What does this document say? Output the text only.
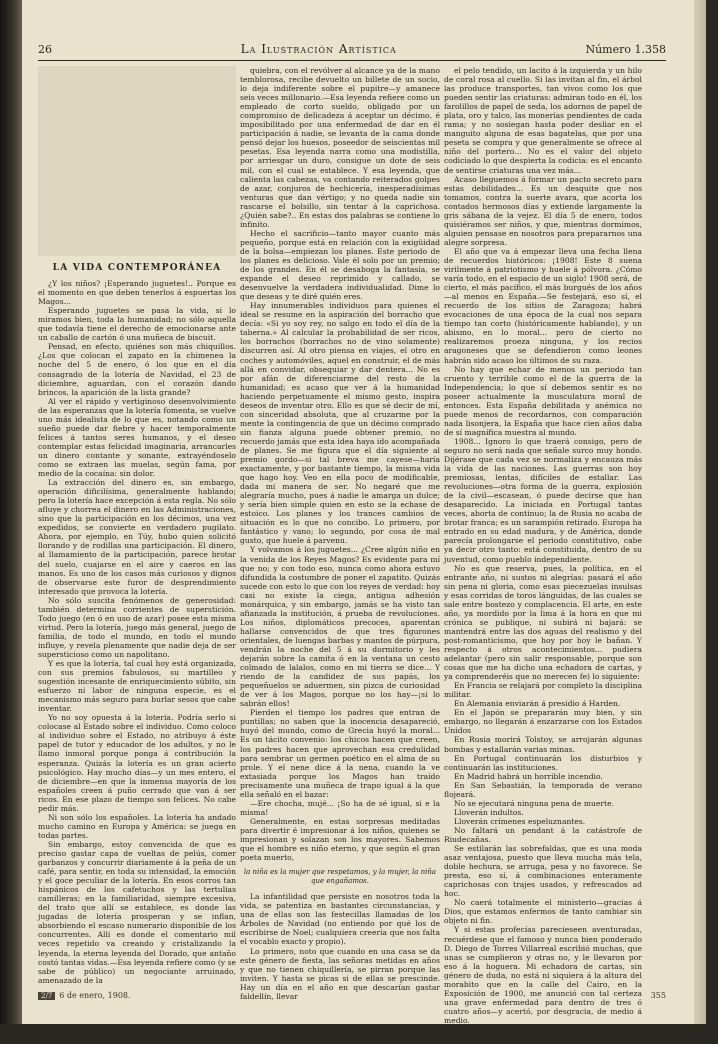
26	La Ilustración Artística	Número 1.358
LA VIDA CONTEMPORÁNEA

¿Y los niños? ¡Esperando juguetes!.. Porque es el momento en que deben tenerlos á espuertas los Magos...

Esperando juguetes se pasa la vida, si lo miramos bien, toda la humanidad; no sólo aquella que todavía tiene el derecho de emocionarse ante un caballo de cartón ó una muñeca de biscuit.

Pensad, en efecto, quiénes son más chiquillos. ¿Los que colocan el zapato en la chimenea la noche del 5 de enero, ó los que en el día consagrado de la lotería de Navidad, el 23 de diciembre, aguardan, con el corazón dando brincos, la aparición de la lista grande?

Al ver el rápido y vertiginoso desenvolvimiento de las esperanzas que la lotería fomenta, se vuelve uno más idealista de lo que es, notando como un sueño puede dar fiebre y hacer temporalmente felices á tantos seres humanos, y el deseo contemplar estas felicidad imaginaria, arrancarles un dinero contante y sonante, extrayéndoselo como se extraen las muelas, según fama, por medio de la cocaína: sin dolor.

La extracción del dinero es, sin embargo, operación dificilísima, generalmente hablando; pero la lotería hace excepción á esta regla. No sólo afluye y chorrea el dinero en las Administraciones, sino que la participación en los décimos, una vez expedidos, se convierte en verdadero pugilato. Ahora, por ejemplo, en Túy, hubo quien solicitó llorando y de rodillas una participación. El dinero, al llamamiento de la participación, parece brotar del suelo, cuajarse en el aire y caeros en las manos. Es uno de los casos más curiosos y dignos de observarse este furor de desprendimiento interesado que provoca la lotería.

No sólo suscita fenómenos de generosidad: también determina corrientes de superstición. Todo juego (en ó en uso de azar) posee esta misma virtud. Pero la lotería, juego más general, juego de familia, de todo el mundo, en todo el mundo influye, y revela plenamente que nadie deja de ser supersticioso como un napolitano.

Y es que la lotería, tal cual hoy está organizada, con sus premios fabulosos, su martilleo y sugestión incesante de enriquecimiento súbito, sin esfuerzo ni labor de ninguna especie, es el mecanismo más seguro para burlar sesos que cabe inventar.

Yo no soy opuesta á la lotería. Podría serlo si colocase al Estado sobre el individuo. Como coloco al individuo sobre el Estado, no atribuyo á éste papel de tutor y educador de los adultos, y no le llamo inmoral porque ponga á contribución la esperanza. Quizás la lotería es un gran acierto psicológico. Hay mucho días—y un mes entero, el de diciembre—en que la inmensa mayoría de los españoles creen á puño cerrado que van á ser ricos. En ese plazo de tiempo son felices. No cabe pedir más.

Ni son sólo los españoles. La lotería ha andado mucho camino en Europa y América: se juega en todas partes.

Sin embargo, estoy convencida de que es preciso gastar capa de vueltas de pelús, comer garbanzos y concurrir diariamente á la peña de un café, para sentir, en toda su intensidad, la emoción y el goce peculiar de la lotería. En esos corros tan hispánicos de los cafetuchos y las tertulias camilleras; en la familiaridad, siempre excesiva, del trato que allí se establece, es donde las jugadas de lotería prosperan y se inflan, absorbiendo el escaso numerario disponible de los concurrentes. Allí es donde el comentario mil veces repetido va creando y cristalizando la leyenda, la eterna leyenda del Dorado, que antaño costó tantas vidas.—Esa leyenda refiere como (y se sabe de público) un negociante arruinado, amenazado de la

quiebra, con el revólver al alcance ya de la mano temblorosa, recibe devuelto un billete de un socio, lo deja indiferente sobre el pupitre—y amanece seis veces millonario.—Esa leyenda refiere como un empleado de corto sueldo, obligado por un compromiso de delicadeza á aceptar un décimo, é imposibilitado por una enfermedad de dar en él participación á nadie, se levanta de la cama donde pensó dejar los huesos, poseedor de seiscientas mil pesetas. Esa leyenda narra como una modistilla, por arriesgar un duro, consigue un dote de seis mil, con el cual se establece. Y esa leyenda, que calienta las cabezas, va contando reiterados golpes de azar, conjuros de hechicería, inesperadísimas venturas que dan vértigo; y no queda nadie sin rascarse el bolsillo, sin tentar á la caprichosa. ¿Quién sabe?.. En estas dos palabras se contiene lo infinito.

Hecho el sacrificio—tanto mayor cuanto más pequeño, porque está en relación con la exigüidad de la bolsa—empiezan los planes. Este periodo de los planes es delicioso. Vale él solo por un premio; de los grandes. En él se desaboga la fantasía, se expande el deseo reprimido y callado, se desenvuelve la verdadera individualidad. Dime lo que deseas y te diré quién eres.

Hay innumerables individuos para quienes el ideal se resume en la aspiración del borracho que decía: «Si yo soy rey, no salgo en todo el día de la taberna.» Al calcular la probabilidad de ser ricos, los borrachos (borrachos no de vino solamente) discurren así. Al otro piensa en viajes, el otro en coches y automóviles, aquel en construir, el de más allá en convidar, obsequiar y dar dentera... No es por afán de diferenciarme del resto de la humanidad; es acaso que ver á la humanidad haciendo perpetuamente el mismo gesto, inspira deseos de inventar otro. Ello es que sé decir de mí, con sinceridad absoluta, que al cruzarme por la mente la contingencia de que un décimo comprado sin fianza alguna puede obtener premio, no recuerdo jamás que esta idea haya ido acompañada de planes. Se me figura que el día siguiente al premio gordo—si tal breva me cayese—haría exactamente, y por bastante tiempo, la misma vida que hago hoy. Veo en ella poco de modificable, dada mi manera de ser. No negaré que me alegraría mucho, pues á nadie le amarga un dulce; y sería bien simple quien en esto se la echase de estoico. Los planes y los trances cambios de situación es lo que no concibo. Lo primero, por fantástico y vano; lo segundo, por cosa de mal gusto, que huele á parvenu.

Y volvamos á los juguetes... ¿Cree algún niño en la venida de los Reyes Magos? Es evidente para mí que no; y con todo eso, nunca como ahora estuvo difundida la costumbre de poner el zapatito. Quizás sucede con esto lo que con los reyes de verdad: hoy casi no existe la ciega, antigua adhesión monárquica, y sin embargo, jamás se ha visto tan afianzada la institución, á prueba de revoluciones. Los niños, diplomáticos precoces, aparentan hallarse convencidos de que tres figurones orientales, de luengas barbas y mantos de púrpura, vendrán la noche del 5 á su dormitorio y les dejarán sobre la camita ó en la ventana un cesto colmado de lalalos, como en mi tierra se dice... Y riendo de la candidez de sus papás, los pequeñuelos se aduermen, sin pizca de curiosidad de ver á los Magos, porque no los hay—¡sí lo sabrán ellos!

Pierden el tiempo los padres que entran de puntillas; no saben que la inocencia desapareció, huyó del mundo, como de Grecia huyó la moral... Es un tácito convenio: los chicos hacen que creen, los padres hacen que aprovechan esa credulidad para sembrar un germen poético en el alma de su prole. Y el nene dice á la nena, cuando la ve extasiada porque los Magos han traído precisamente una muñeca de trapo igual á la que ella señaló en el bazar:

—Ere chocha, mujé... ¡So ha de sé igual, si e la misma!

Generalmente, en estas sorpresas meditadas para divertir é impresionar á los niños, quienes se impresionan y solazan son los mayores. Sabemos que el hombre es niño eterno, y que según el gran poeta muerto,

la niña es la mujer que respetamos, y la mujer, la niña que engañamos.

La infantilidad que persiste en nosotros toda la vida, se patentiza en bastantes circunstancias, y una de ellas son las festecillas llamadas de los Árboles de Navidad (no entiendo por qué los de escribirse de Noel; cualquiera creería que nos falta el vocablo exacto y propio).

Lo primero, noto que cuando en una casa se da este género de fiesta, las señoras metidas en años y que no tienen chiquillería, se pirran porque las inviten. Y hasta se picas si de ellas se prescinde. Hay un día en el año en que descarían gastar faldellín, llevar

el pelo tendido, un lacito á la izquierda y un hilo de coral rosa al cuello. Si las invitan al fin, el árbol las produce transportes, tan vivos como los que pueden sentir las criaturas: admiran todo en él, los farolillos de papel de seda, los adornos de papel de plata, oro y talco, las monerías pendientes de cada rama; y no sosiegan hasta poder desliar en el manguito alguna de esas bagatelas, que por una peseta se compra y que generalmente se ofrece al niño del portero... No es el valor del objeto codiciado lo que despierta la codicia: es el encanto de sentirse criaturas una vez más...

Acaso lleguemos á formar un pacto secreto para estas debilidades... Es un desquite que nos tomamos, contra la suerte avara, que acorta los contados hermosos días y extiende largamente la gris sábana de la vejez. El día 5 de enero, todos quisiéramos ser niños, y que, mientras dormimos, alguien pensase en nosotros para prepararnos una alegre sorpresa.

El año que va á empezar lleva una fecha llena de recuerdos históricos: ¡1908! Este 8 suena virilmente á patriotismo y huele á pólvora. ¿Cómo varía todo, en el espacio de un siglo! 1908 será, de cierto, el más pacífico, el más burgués de los años—al menos en España.—Se festejará, eso sí, el recuerdo de los sitios de Zaragoza; habrá evocaciones de una época de la cual nos separa tiempo tan corto (históricamente hablando), y un abismo, en lo moral... pero de cierto no realizaremos proeza ninguna, y los recios aragoneses que se defendieron como leones habrán sido acaso los últimos de su raza.

No hay que echar de menos un periodo tan cruento y terrible como el de la guerra de la Independencia; lo que sí debemos sentir es no poseer actualmente la musculatura moral de entonces. Esta España debilitada y anémica no puede menos de recordarnos, con comparación nada lisonjera, la España que hace cien años daba de sí magnífica muestra al mundo.

1908... Ignoro lo que traerá consigo, pero de seguro no será nada que señale surco muy hondo. Dijérase que cada vez se normaliza y encauza más la vida de las naciones. Las guerras son hoy premiosas, lentas, difíciles de estallar. Las revoluciones—otra forma de la guerra, explosión de la civil—escasean, ó puede decirse que han desaparecido. La iniciada en Portugal tantas veces, aborta de continuo; la de Rusia no acaba de brotar franca; es un sarampión retirado. Europa ha entrado en su edad madura, y de América, donde parecía prolongarse el periodo constitutivo, cabe ya decir otro tanto: está constituida, dentro de su juventud, como pueblo independiente.

No es que reserva, pues, la política, en el entrante año, ni sustos ni alegrías: pasará el año sin pena ni gloria, como esas piecezuelas insulsas y esas corridas de toros lánguidas, de las cuales se sale entre bostezo y complacencia. El arte, en este año, ya mordido por la lima á la hora en que mi crónica se publique, ni subirá ni bajará: se mantendrá entre las dos aguas del realismo y del post-romanticismo, que hoy por hoy le bañan. Y respecto á otros acontecimientos... pudiera adelantar (pero sin salir responsable, porque son cosas que me ha dicho una echadora de cartas, y ya comprenderéis que no merecen fe) lo siguiente:

En Francia se relajará por completo la disciplina militar.

En Alemania enviarán á presidio á Harden.

En el Japón se prepararán muy bien, y sin embargo, no llegarán á enzarzarse con los Estados Unidos

En Rusia morirá Tolstoy, se arrojarán algunas bombas y estallarán varias minas.

En Portugal continuarán los disturbios y continuarán las instituciones.

En Madrid habrá un horrible incendio.

En San Sebastián, la temporada de verano flojeará.

No se ejecutará ninguna pena de muerte.

Lloverán indultos.

Lloverán crímenes espeluznantes.

No faltará un pendant á la catástrofe de Riudecañas.

Se estilarán las sobrefaldas, que es una moda asaz ventajosa, puesto que lleva mucha más tela, doble hechura, se arruga, pesa y no favorece. Se presta, eso sí, á combinaciones enteramente caprichosas con trajes usados, y refrescados ad hoc.

No caerá totalmente el ministerio—gracias á Dios, que estamos enfermos de tanto cambiar sin objeto ni fin.

Y si estas profecías parecieseen aventuradas, recuérdese que el famoso y nunca bien ponderado D. Diego de Torres Villarreal escribió muchas, que unas se cumplieron y otras no, y le llevaron por eso á la hoguera. Mi echadora de cartas, sin género de duda, no está ni siquiera á la altura del morabito que en la calle del Cairo, en la Exposición de 1900, me anunció con tal certeza una grave enfermedad para dentro de tres ó cuatro años—y acertó, por desgracia, de medio á medio.

Emilia Pardo Bazán.
2/7 6 de enero, 1908.	355
